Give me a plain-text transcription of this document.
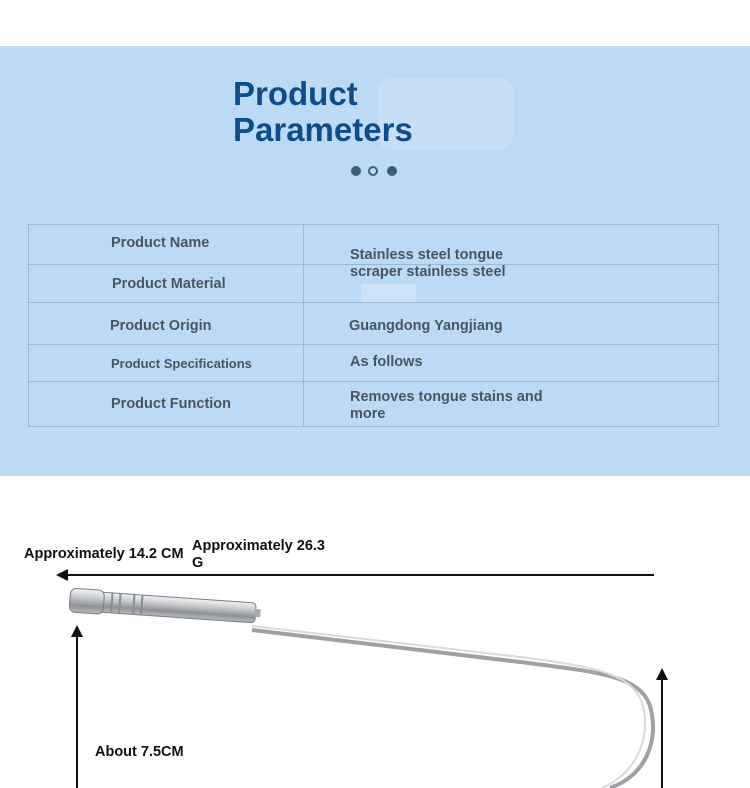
Product
Parameters
Product Name
Product Material
Product Origin
Product Specifications
Product Function
Stainless steel tongue scraper stainless steel
Guangdong Yangjiang
As follows
Removes tongue stains and more
Approximately 14.2 CM Approximately 26.3 G
About 7.5CM
